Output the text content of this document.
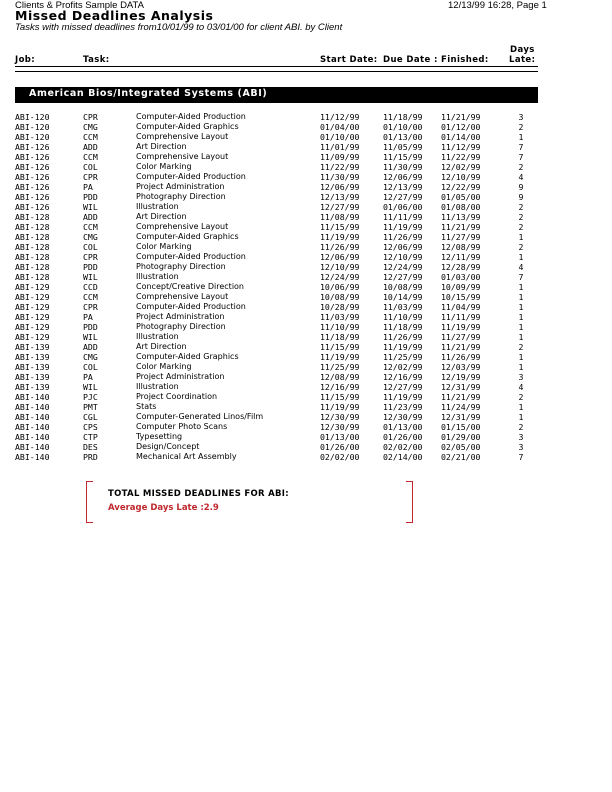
Clients & Profits Sample DATA	12/13/99 16:28, Page 1
Missed Deadlines Analysis
Tasks with missed deadlines from10/01/99 to 03/01/00 for client ABI. by Client
Job:	Task:	Start Date: Due Date : Finished:
Days
Late:
American Bios/Integrated Systems (ABI)
ABI-120	CPR	Computer-Aided Production	11/12/99	11/18/99 11/21/99	3
ABI-120	CMG	Computer-Aided Graphics	01/04/00	01/10/00 01/12/00	2
ABI-120	CCM	Comprehensive Layout	01/10/00	01/13/00 01/14/00	1
ABI-126	ADD	Art Direction	11/01/99	11/05/99 11/12/99	7
ABI-126	CCM	Comprehensive Layout	11/09/99	11/15/99 11/22/99	7
ABI-126	COL	Color Marking	11/22/99	11/30/99 12/02/99	2
ABI-126	CPR	Computer-Aided Production	11/30/99	12/06/99 12/10/99	4
ABI-126	PA	Project Administration	12/06/99	12/13/99 12/22/99	9
ABI-126	PDD	Photography Direction	12/13/99	12/27/99 01/05/00	9
ABI-126	WIL	Illustration	12/27/99	01/06/00 01/08/00	2
ABI-128	ADD	Art Direction	11/08/99	11/11/99 11/13/99	2
ABI-128	CCM	Comprehensive Layout	11/15/99	11/19/99 11/21/99	2
ABI-128	CMG	Computer-Aided Graphics	11/19/99	11/26/99 11/27/99	1
ABI-128	COL	Color Marking	11/26/99	12/06/99 12/08/99	2
ABI-128	CPR	Computer-Aided Production	12/06/99	12/10/99 12/11/99	1
ABI-128	PDD	Photography Direction	12/10/99	12/24/99 12/28/99	4
ABI-128	WIL	Illustration	12/24/99	12/27/99 01/03/00	7
ABI-129	CCD	Concept/Creative Direction	10/06/99	10/08/99 10/09/99	1
ABI-129	CCM	Comprehensive Layout	10/08/99	10/14/99 10/15/99	1
ABI-129	CPR	Computer-Aided Production	10/28/99	11/03/99 11/04/99	1
ABI-129	PA	Project Administration	11/03/99	11/10/99 11/11/99	1
ABI-129	PDD	Photography Direction	11/10/99	11/18/99 11/19/99	1
ABI-129	WIL	Illustration	11/18/99	11/26/99 11/27/99	1
ABI-139	ADD	Art Direction	11/15/99	11/19/99 11/21/99	2
ABI-139	CMG	Computer-Aided Graphics	11/19/99	11/25/99 11/26/99	1
ABI-139	COL	Color Marking	11/25/99	12/02/99 12/03/99	1
ABI-139	PA	Project Administration	12/08/99	12/16/99 12/19/99	3
ABI-139	WIL	Illustration	12/16/99	12/27/99 12/31/99	4
ABI-140	PJC	Project Coordination	11/15/99	11/19/99 11/21/99	2
ABI-140	PMT	Stats	11/19/99	11/23/99 11/24/99	1
ABI-140	CGL	Computer-Generated Linos/Film	12/30/99	12/30/99 12/31/99	1
ABI-140	CPS	Computer Photo Scans	12/30/99	01/13/00 01/15/00	2
ABI-140	CTP	Typesetting	01/13/00	01/26/00 01/29/00	3
ABI-140	DES	Design/Concept	01/26/00	02/02/00 02/05/00	3
ABI-140	PRD	Mechanical Art Assembly	02/02/00	02/14/00 02/21/00	7
TOTAL MISSED DEADLINES FOR ABI:
Average Days Late :2.9
